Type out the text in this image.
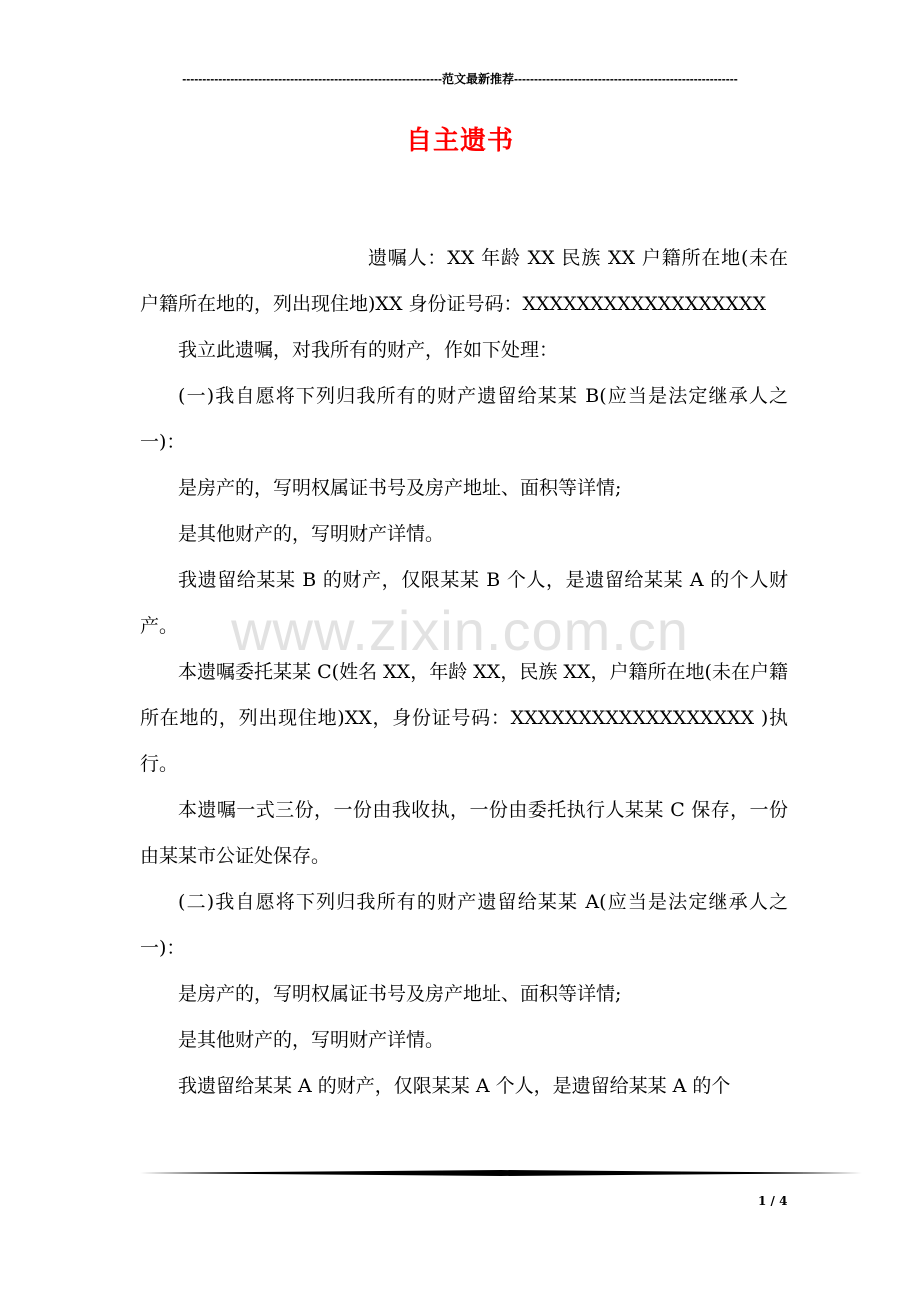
-----------------------------------------------------------------范文最新推荐--------------------------------------------------------
自主遗书

遗嘱人：XX 年龄 XX 民族 XX 户籍所在地(未在户籍所在地的，列出现住地)XX 身份证号码：XXXXXXXXXXXXXXXXXX

我立此遗嘱，对我所有的财产，作如下处理：

(一)我自愿将下列归我所有的财产遗留给某某 B(应当是法定继承人之一)：

是房产的，写明权属证书号及房产地址、面积等详情;

是其他财产的，写明财产详情。

我遗留给某某 B 的财产，仅限某某 B 个人，是遗留给某某 A 的个人财产。

本遗嘱委托某某 C(姓名 XX，年龄 XX，民族 XX，户籍所在地(未在户籍所在地的，列出现住地)XX，身份证号码：XXXXXXXXXXXXXXXXXX )执行。

本遗嘱一式三份，一份由我收执，一份由委托执行人某某 C 保存，一份由某某市公证处保存。

(二)我自愿将下列归我所有的财产遗留给某某 A(应当是法定继承人之一)：

是房产的，写明权属证书号及房产地址、面积等详情;

是其他财产的，写明财产详情。

我遗留给某某 A 的财产，仅限某某 A 个人，是遗留给某某 A 的个

www.zixin.com.cn
1 / 4
